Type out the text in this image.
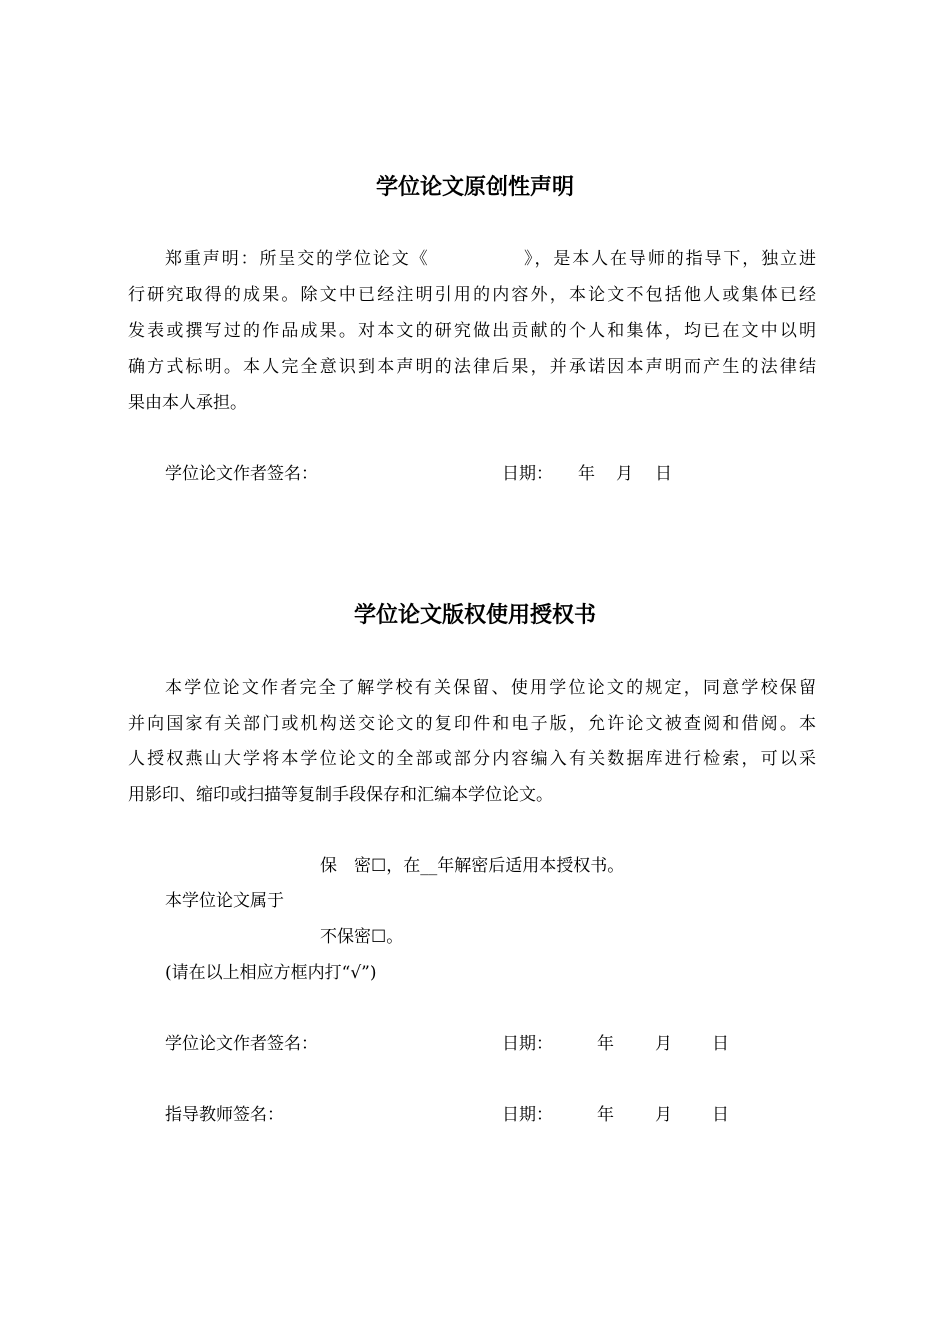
学位论文原创性声明
郑重声明：所呈交的学位论文《　　　　　》，是本人在导师的指导下，独立进
行研究取得的成果。除文中已经注明引用的内容外，本论文不包括他人或集体已经
发表或撰写过的作品成果。对本文的研究做出贡献的个人和集体，均已在文中以明
确方式标明。本人完全意识到本声明的法律后果，并承诺因本声明而产生的法律结
果由本人承担。
学位论文作者签名：	日期： 年 月 日
学位论文版权使用授权书
本学位论文作者完全了解学校有关保留、使用学位论文的规定，同意学校保留
并向国家有关部门或机构送交论文的复印件和电子版，允许论文被查阅和借阅。本
人授权燕山大学将本学位论文的全部或部分内容编入有关数据库进行检索，可以采
用影印、缩印或扫描等复制手段保存和汇编本学位论文。
保　密☐，在__年解密后适用本授权书。
本学位论文属于
不保密☐。
(请在以上相应方框内打“√”)
学位论文作者签名：	日期：	年 月 日
指导教师签名：	日期：	年 月 日
